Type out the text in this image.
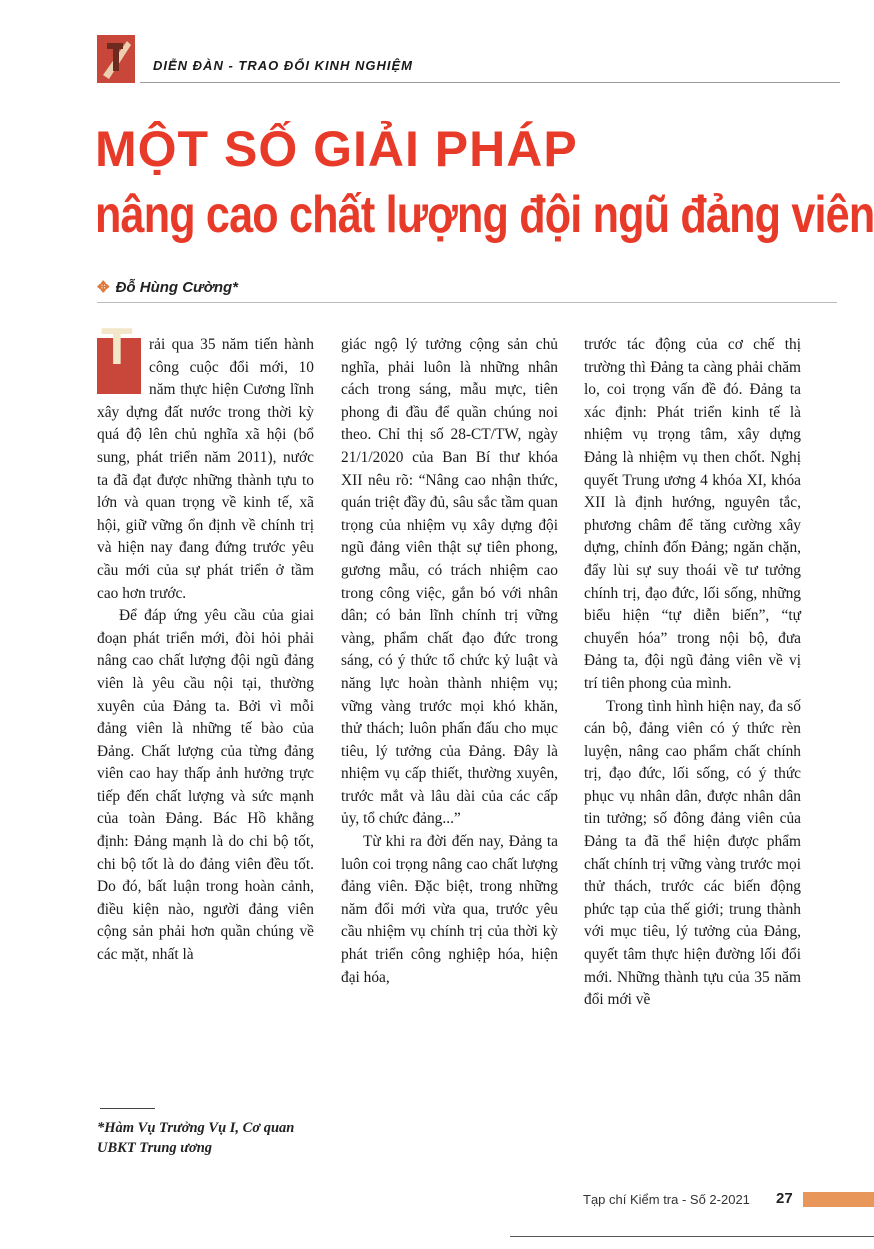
DIỄN ĐÀN - TRAO ĐỔI KINH NGHIỆM
MỘT SỐ GIẢI PHÁP
nâng cao chất lượng đội ngũ đảng viên
✥ Đỗ Hùng Cường*
T	rải qua 35 năm tiến hành công cuộc đổi mới, 10 năm thực hiện Cương lĩnh xây dựng đất nước trong thời kỳ quá độ lên chủ nghĩa xã hội (bổ sung, phát triển năm 2011), nước ta đã đạt được những thành tựu to lớn và quan trọng về kinh tế, xã hội, giữ vững ổn định về chính trị và hiện nay đang đứng trước yêu cầu mới của sự phát triển ở tầm cao hơn trước.

Để đáp ứng yêu cầu của giai đoạn phát triển mới, đòi hỏi phải nâng cao chất lượng đội ngũ đảng viên là yêu cầu nội tại, thường xuyên của Đảng ta. Bởi vì mỗi đảng viên là những tế bào của Đảng. Chất lượng của từng đảng viên cao hay thấp ảnh hưởng trực tiếp đến chất lượng và sức mạnh của toàn Đảng. Bác Hồ khẳng định: Đảng mạnh là do chi bộ tốt, chi bộ tốt là do đảng viên đều tốt. Do đó, bất luận trong hoàn cảnh, điều kiện nào, người đảng viên cộng sản phải hơn quần chúng về các mặt, nhất là

giác ngộ lý tưởng cộng sản chủ nghĩa, phải luôn là những nhân cách trong sáng, mẫu mực, tiên phong đi đầu để quần chúng noi theo. Chỉ thị số 28-CT/TW, ngày 21/1/2020 của Ban Bí thư khóa XII nêu rõ: “Nâng cao nhận thức, quán triệt đầy đủ, sâu sắc tầm quan trọng của nhiệm vụ xây dựng đội ngũ đảng viên thật sự tiên phong, gương mẫu, có trách nhiệm cao trong công việc, gắn bó với nhân dân; có bản lĩnh chính trị vững vàng, phẩm chất đạo đức trong sáng, có ý thức tổ chức kỷ luật và năng lực hoàn thành nhiệm vụ; vững vàng trước mọi khó khăn, thử thách; luôn phấn đấu cho mục tiêu, lý tưởng của Đảng. Đây là nhiệm vụ cấp thiết, thường xuyên, trước mắt và lâu dài của các cấp ủy, tổ chức đảng...”

Từ khi ra đời đến nay, Đảng ta luôn coi trọng nâng cao chất lượng đảng viên. Đặc biệt, trong những năm đổi mới vừa qua, trước yêu cầu nhiệm vụ chính trị của thời kỳ phát triển công nghiệp hóa, hiện đại hóa,

trước tác động của cơ chế thị trường thì Đảng ta càng phải chăm lo, coi trọng vấn đề đó. Đảng ta xác định: Phát triển kinh tế là nhiệm vụ trọng tâm, xây dựng Đảng là nhiệm vụ then chốt. Nghị quyết Trung ương 4 khóa XI, khóa XII là định hướng, nguyên tắc, phương châm để tăng cường xây dựng, chỉnh đốn Đảng; ngăn chặn, đẩy lùi sự suy thoái về tư tưởng chính trị, đạo đức, lối sống, những biểu hiện “tự diễn biến”, “tự chuyển hóa” trong nội bộ, đưa Đảng ta, đội ngũ đảng viên về vị trí tiên phong của mình.

Trong tình hình hiện nay, đa số cán bộ, đảng viên có ý thức rèn luyện, nâng cao phẩm chất chính trị, đạo đức, lối sống, có ý thức phục vụ nhân dân, được nhân dân tin tưởng; số đông đảng viên của Đảng ta đã thể hiện được phẩm chất chính trị vững vàng trước mọi thử thách, trước các biến động phức tạp của thế giới; trung thành với mục tiêu, lý tưởng của Đảng, quyết tâm thực hiện đường lối đổi mới. Những thành tựu của 35 năm đổi mới về

*Hàm Vụ Trưởng Vụ I, Cơ quan UBKT Trung ương
Tạp chí Kiểm tra - Số 2-2021 27
